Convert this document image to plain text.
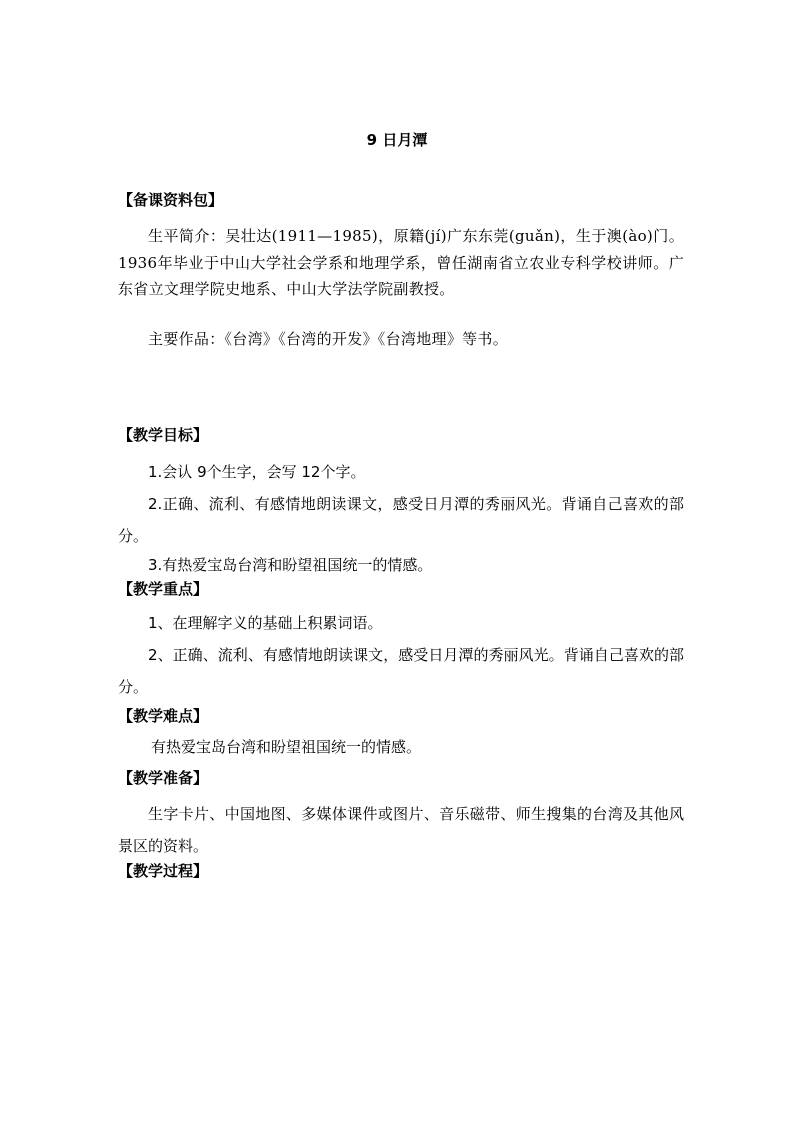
9 日月潭
【备课资料包】

生平简介：吴壮达(1911—1985)，原籍(jí)广东东莞(guǎn)，生于澳(ào)门。1936年毕业于中山大学社会学系和地理学系，曾任湖南省立农业专科学校讲师。广东省立文理学院史地系、中山大学法学院副教授。

主要作品：《台湾》《台湾的开发》《台湾地理》等书。

【教学目标】

1.会认 9个生字，会写 12个字。

2.正确、流利、有感情地朗读课文，感受日月潭的秀丽风光。背诵自己喜欢的部分。

3.有热爱宝岛台湾和盼望祖国统一的情感。

【教学重点】

1、在理解字义的基础上积累词语。

2、正确、流利、有感情地朗读课文，感受日月潭的秀丽风光。背诵自己喜欢的部分。

【教学难点】

有热爱宝岛台湾和盼望祖国统一的情感。

【教学准备】

生字卡片、中国地图、多媒体课件或图片、音乐磁带、师生搜集的台湾及其他风景区的资料。

【教学过程】
